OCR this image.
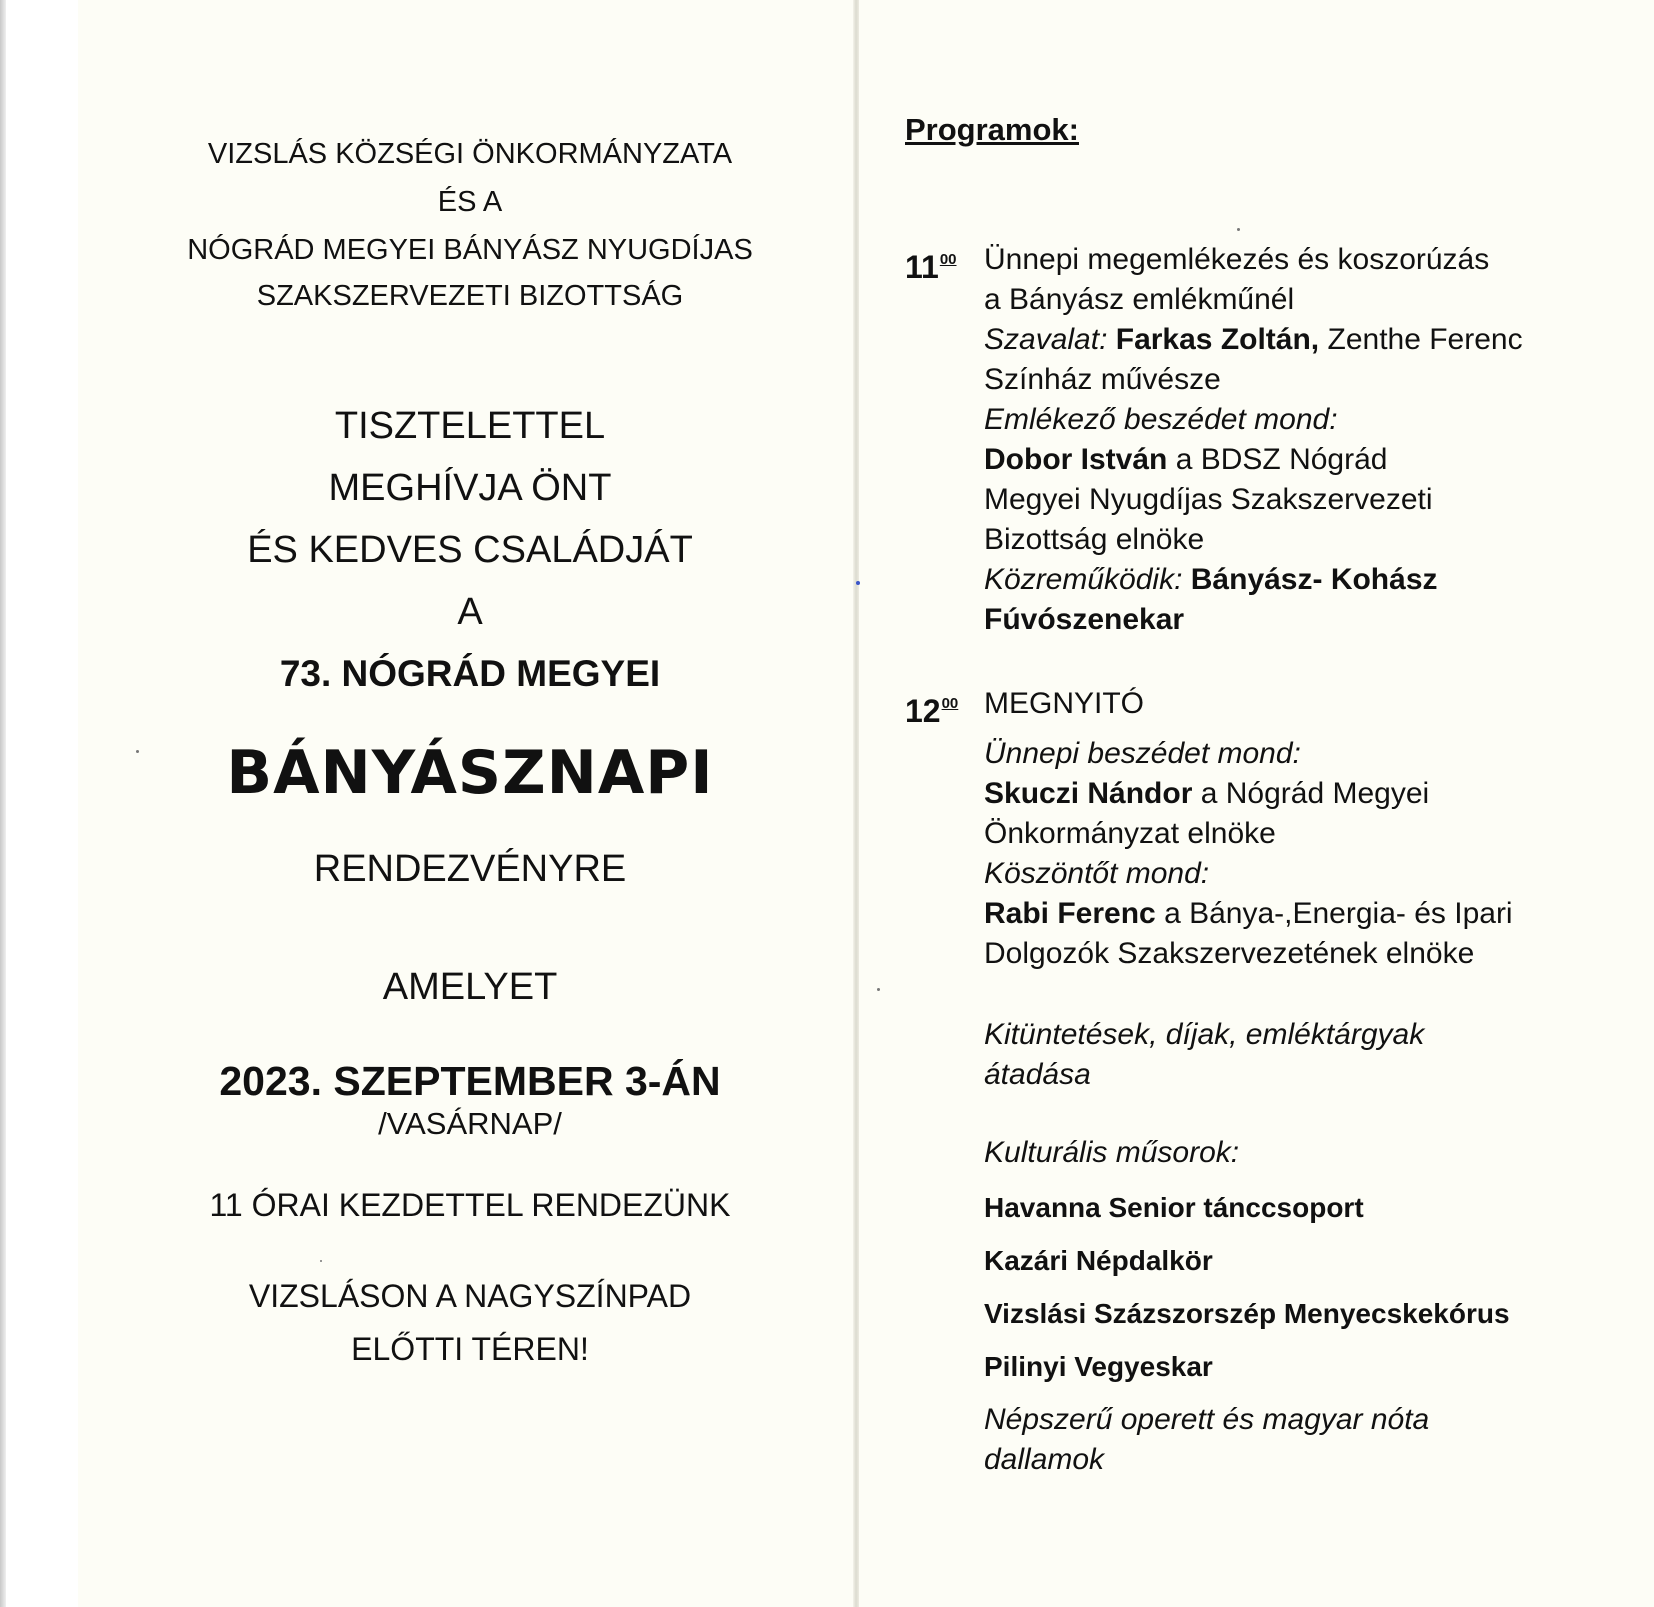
VIZSLÁS KÖZSÉGI ÖNKORMÁNYZATA
ÉS A
NÓGRÁD MEGYEI BÁNYÁSZ NYUGDÍJAS
SZAKSZERVEZETI BIZOTTSÁG
TISZTELETTEL
MEGHÍVJA ÖNT
ÉS KEDVES CSALÁDJÁT
A
73. NÓGRÁD MEGYEI
BÁNYÁSZNAPI
RENDEZVÉNYRE
AMELYET
2023. SZEPTEMBER 3-ÁN
/VASÁRNAP/
11 ÓRAI KEZDETTEL RENDEZÜNK
VIZSLÁSON A NAGYSZÍNPAD
ELŐTTI TÉREN!
Programok:
$11^{00}$ Ünnepi megemlékezés és koszorúzás
a Bányász emlékműnél
Szavalat: Farkas Zoltán, Zenthe Ferenc
Színház művésze
Emlékező beszédet mond:
Dobor István a BDSZ Nógrád
Megyei Nyugdíjas Szakszervezeti
Bizottság elnöke
Közreműködik: Bányász- Kohász
Fúvószenekar
$12^{00}$ MEGNYITÓ
Ünnepi beszédet mond:
Skuczi Nándor a Nógrád Megyei
Önkormányzat elnöke
Köszöntőt mond:
Rabi Ferenc a Bánya-,Energia- és Ipari
Dolgozók Szakszervezetének elnöke
Kitüntetések, díjak, emléktárgyak
átadása
Kulturális műsorok:
Havanna Senior tánccsoport
Kazári Népdalkör
Vizslási Százszorszép Menyecskekórus
Pilinyi Vegyeskar
Népszerű operett és magyar nóta
dallamok
